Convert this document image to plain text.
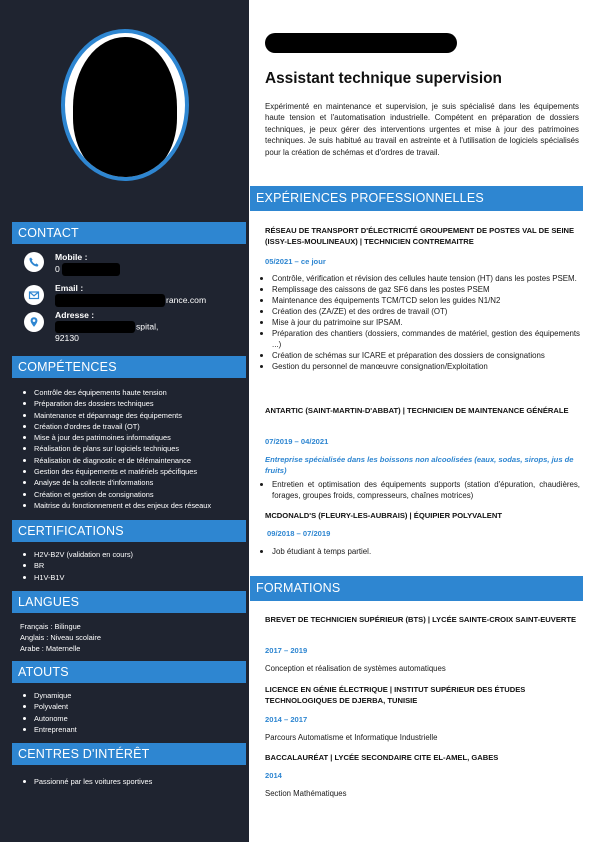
CONTACT
Mobile :
0
Email :
rance.com
Adresse :
spital,
92130
COMPÉTENCES
Contrôle des équipements haute tension
Préparation des dossiers techniques
Maintenance et dépannage des équipements
Création d'ordres de travail (OT)
Mise à jour des patrimoines informatiques
Réalisation de plans sur logiciels techniques
Réalisation de diagnostic et de télémaintenance
Gestion des équipements et matériels spécifiques
Analyse de la collecte d'informations
Création et gestion de consignations
Maitrise du fonctionnement et des enjeux des réseaux
CERTIFICATIONS
H2V-B2V (validation en cours)
BR
H1V-B1V
LANGUES
Français : Bilingue
Anglais : Niveau scolaire
Arabe : Maternelle
ATOUTS
Dynamique
Polyvalent
Autonome
Entreprenant
CENTRES D'INTÉRÊT
Passionné par les voitures sportives
Assistant technique supervision

Expérimenté en maintenance et supervision, je suis spécialisé dans les équipements haute tension et l'automatisation industrielle. Compétent en préparation de dossiers techniques, je peux gérer des interventions urgentes et mise à jour des patrimoines techniques. Je suis habitué au travail en astreinte et à l'utilisation de logiciels spécialisés pour la création de schémas et d'ordres de travail.

EXPÉRIENCES PROFESSIONNELLES
RÉSEAU DE TRANSPORT D'ÉLECTRICITÉ GROUPEMENT DE POSTES VAL DE SEINE (ISSY-LES-MOULINEAUX) | TECHNICIEN CONTREMAITRE
05/2021 – ce jour
Contrôle, vérification et révision des cellules haute tension (HT) dans les postes PSEM.
Remplissage des caissons de gaz SF6 dans les postes PSEM
Maintenance des équipements TCM/TCD selon les guides N1/N2
Création des (ZA/ZE) et des ordres de travail (OT)
Mise à jour du patrimoine sur IPSAM.
Préparation des chantiers (dossiers, commandes de matériel, gestion des équipements ...)
Création de schémas sur ICARE et préparation des dossiers de consignations
Gestion du personnel de manœuvre consignation/Exploitation
ANTARTIC (SAINT-MARTIN-D'ABBAT) | TECHNICIEN DE MAINTENANCE GÉNÉRALE
07/2019 – 04/2021
Entreprise spécialisée dans les boissons non alcoolisées (eaux, sodas, sirops, jus de fruits)
Entretien et optimisation des équipements supports (station d'épuration, chaudières, forages, groupes froids, compresseurs, chaînes motrices)
MCDONALD'S (FLEURY-LES-AUBRAIS) | ÉQUIPIER POLYVALENT
09/2018 – 07/2019
Job étudiant à temps partiel.
FORMATIONS
BREVET DE TECHNICIEN SUPÉRIEUR (BTS) | LYCÉE SAINTE-CROIX SAINT-EUVERTE
2017 – 2019
Conception et réalisation de systèmes automatiques
LICENCE EN GÉNIE ÉLECTRIQUE | INSTITUT SUPÉRIEUR DES ÉTUDES TECHNOLOGIQUES DE DJERBA, TUNISIE
2014 – 2017
Parcours Automatisme et Informatique Industrielle
BACCALAURÉAT | LYCÉE SECONDAIRE CITE EL-AMEL, GABES
2014
Section Mathématiques
